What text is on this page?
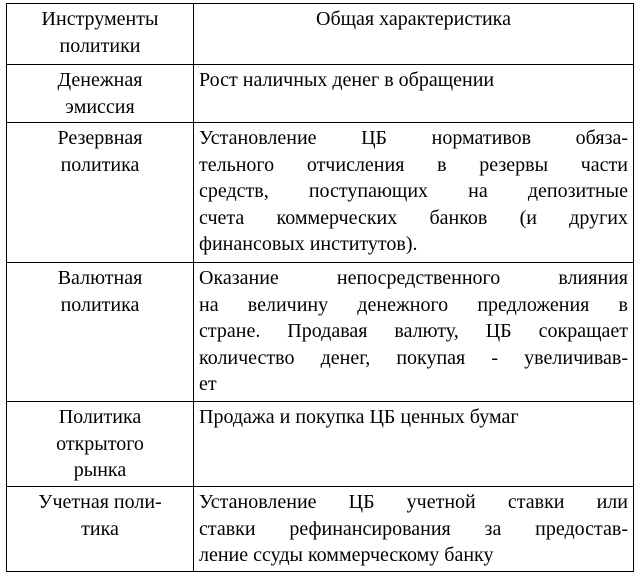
Инструменты
политики	Общая характеристика

Денежная
эмиссия	Рост наличных денег в обращении

Резервная
политика	Установление ЦБ нормативов обяза-
тельного отчисления в резервы части
средств, поступающих на депозитные
счета коммерческих банков (и других
финансовых институтов).

Валютная
политика	Оказание непосредственного влияния
на величину денежного предложения в
стране. Продавая валюту, ЦБ сокращает
количество денег, покупая - увеличивав-
ет

Политика
открытого
рынка	Продажа и покупка ЦБ ценных бумаг

Учетная поли-
тика	Установление ЦБ учетной ставки или
ставки рефинансирования за предостав-
ление ссуды коммерческому банку
